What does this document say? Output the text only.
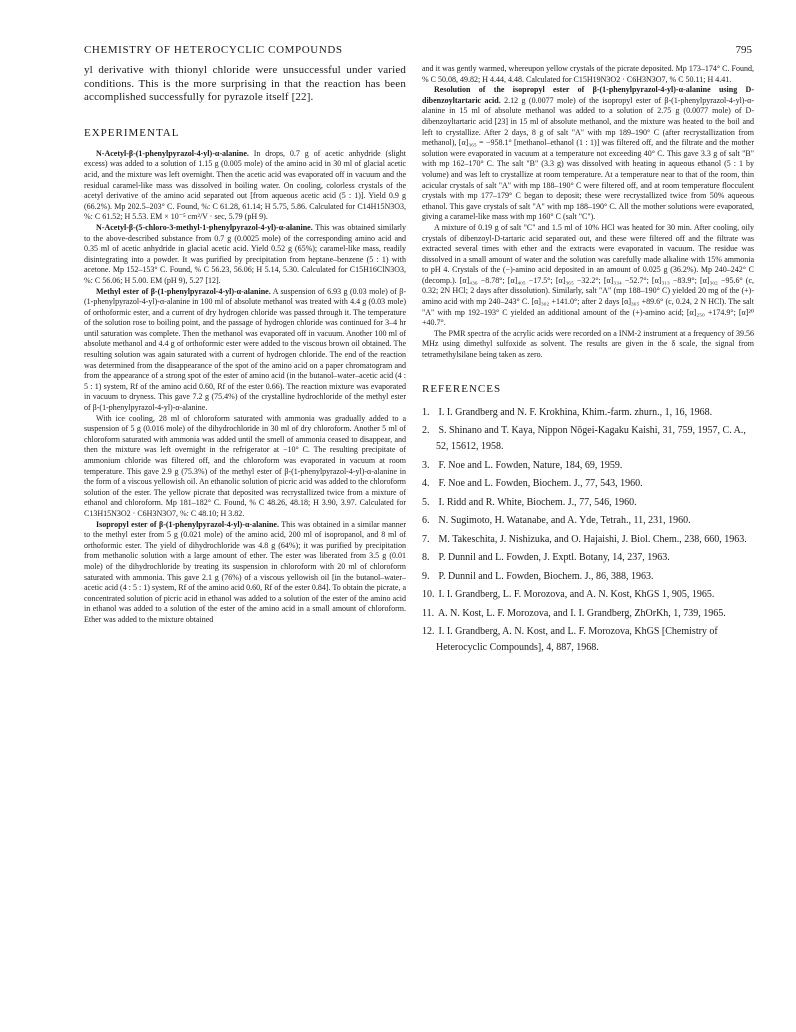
CHEMISTRY OF HETEROCYCLIC COMPOUNDS	795

yl derivative with thionyl chloride were unsuccessful under varied conditions. This is the more surprising in that the reaction has been accomplished successfully for pyrazole itself [22].

EXPERIMENTAL

N-Acetyl-β-(1-phenylpyrazol-4-yl)-α-alanine. In drops, 0.7 g of acetic anhydride (slight excess) was added to a solution of 1.15 g (0.005 mole) of the amino acid in 30 ml of glacial acetic acid, and the mixture was left overnight. Then the acetic acid was evaporated off in vacuum and the residual caramel-like mass was dissolved in boiling water. On cooling, colorless crystals of the acetyl derivative of the amino acid separated out [from aqueous acetic acid (5 : 1)]. Yield 0.9 g (66.2%). Mp 202.5–203° C. Found, %: C 61.28, 61.14; H 5.75, 5.86. Calculated for C14H15N3O3, %: C 61.52; H 5.53. EM × 10⁻⁵ cm²/V · sec, 5.79 (pH 9).

N-Acetyl-β-(5-chloro-3-methyl-1-phenylpyrazol-4-yl)-α-alanine. This was obtained similarly to the above-described substance from 0.7 g (0.0025 mole) of the corresponding amino acid and 0.35 ml of acetic anhydride in glacial acetic acid. Yield 0.52 g (65%); caramel-like mass, readily disintegrating into a powder. It was purified by precipitation from heptane–benzene (5 : 1) with acetone. Mp 152–153° C. Found, % C 56.23, 56.06; H 5.14, 5.30. Calculated for C15H16ClN3O3, %: C 56.06; H 5.00. EM (pH 9), 5.27 [12].

Methyl ester of β-(1-phenylpyrazol-4-yl)-α-alanine. A suspension of 6.93 g (0.03 mole) of β-(1-phenylpyrazol-4-yl)-α-alanine in 100 ml of absolute methanol was treated with 4.4 g (0.03 mole) of orthoformic ester, and a current of dry hydrogen chloride was passed through it. The temperature of the solution rose to boiling point, and the passage of hydrogen chloride was continued for 3–4 hr until saturation was complete. Then the methanol was evaporated off in vacuum. Another 100 ml of absolute methanol and 4.4 g of orthoformic ester were added to the viscous brown oil obtained. The resulting solution was again saturated with a current of hydrogen chloride. The end of the reaction was determined from the disappearance of the spot of the amino acid on a paper chromatogram and from the appearance of a strong spot of the ester of amino acid (in the butanol–water–acetic acid (4 : 5 : 1) system, Rf of the amino acid 0.60, Rf of the ester 0.66). The reaction mixture was evaporated in vacuum to dryness. This gave 7.2 g (75.4%) of the crystalline hydrochloride of the methyl ester of β-(1-phenylpyrazol-4-yl)-α-alanine.

With ice cooling, 28 ml of chloroform saturated with ammonia was gradually added to a suspension of 5 g (0.016 mole) of the dihydrochloride in 30 ml of dry chloroform. Another 5 ml of chloroform saturated with ammonia was added until the smell of ammonia ceased to disappear, and then the mixture was left overnight in the refrigerator at −10° C. The resulting precipitate of ammonium chloride was filtered off, and the chloroform was evaporated in vacuum at room temperature. This gave 2.9 g (75.3%) of the methyl ester of β-(1-phenylpyrazol-4-yl)-α-alanine in the form of a viscous yellowish oil. An ethanolic solution of picric acid was added to the chloroform solution of the ester. The yellow picrate that deposited was recrystallized twice from a mixture of ethanol and chloroform. Mp 181–182° C. Found, % C 48.26, 48.18; H 3.90, 3.97. Calculated for C13H15N3O2 · C6H3N3O7, %: C 48.10; H 3.82.

Isopropyl ester of β-(1-phenylpyrazol-4-yl)-α-alanine. This was obtained in a similar manner to the methyl ester from 5 g (0.021 mole) of the amino acid, 200 ml of isopropanol, and 8 ml of orthoformic ester. The yield of dihydrochloride was 4.8 g (64%); it was purified by precipitation from methanolic solution with a large amount of ether. The ester was liberated from 3.5 g (0.01 mole) of the dihydrochloride by treating its suspension in chloroform with 20 ml of chloroform saturated with ammonia. This gave 2.1 g (76%) of a viscous yellowish oil [in the butanol–water–acetic acid (4 : 5 : 1) system, Rf of the amino acid 0.60, Rf of the ester 0.84]. To obtain the picrate, a concentrated solution of picric acid in ethanol was added to a solution of the ester of the amino acid in ethanol was added to a solution of the ester of the amino acid in a small amount of chloroform. Ether was added to the mixture obtained

and it was gently warmed, whereupon yellow crystals of the picrate deposited. Mp 173–174° C. Found, % C 50.08, 49.82; H 4.44, 4.48. Calculated for C15H19N3O2 · C6H3N3O7, % C 50.11; H 4.41.

Resolution of the isopropyl ester of β-(1-phenylpyrazol-4-yl)-α-alanine using D-dibenzoyltartaric acid. 2.12 g (0.0077 mole) of the isopropyl ester of β-(1-phenylpyrazol-4-yl)-α-alanine in 15 ml of absolute methanol was added to a solution of 2.75 g (0.0077 mole) of D-dibenzoyltartaric acid [23] in 15 ml of absolute methanol, and the mixture was heated to the boil and left to crystallize. After 2 days, 8 g of salt "A" with mp 189–190° C (after recrystallization from methanol), [α]₃₆₅ = −958.1° [methanol–ethanol (1 : 1)] was filtered off, and the filtrate and the mother solution were evaporated in vacuum at a temperature not exceeding 40° C. This gave 3.3 g of salt "B" with mp 162–170° C. The salt "B" (3.3 g) was dissolved with heating in aqueous ethanol (5 : 1 by volume) and was left to crystallize at room temperature. At a temperature near to that of the room, thin acicular crystals of salt "A" with mp 188–190° C were filtered off, and at room temperature flocculent crystals with mp 177–179° C began to deposit; these were recrystallized twice from 50% aqueous ethanol. This gave crystals of salt "A" with mp 188–190° C. All the mother solutions were evaporated, giving a caramel-like mass with mp 160° C (salt "C").

A mixture of 0.19 g of salt "C" and 1.5 ml of 10% HCl was heated for 30 min. After cooling, oily crystals of dibenzoyl-D-tartaric acid separated out, and these were filtered off and the filtrate was extracted several times with ether and the extracts were evaporated in vacuum. The residue was dissolved in a small amount of water and the solution was carefully made alkaline with 15% ammonia to pH 4. Crystals of the (−)-amino acid deposited in an amount of 0.025 g (36.2%). Mp 240–242° C (decomp.). [α]₄₃₆ −8.78°; [α]₄₀₅ −17.5°; [α]₃₆₅ −32.2°; [α]₃₃₄ −52.7°; [α]₃₁₃ −83.9°; [α]₃₀₂ −95.6° (c, 0.32; 2N HCl; 2 days after dissolution). Similarly, salt "A" (mp 188–190° C) yielded 20 mg of the (+)-amino acid with mp 240–243° C. [α]₃₀₂ +141.0°; after 2 days [α]₃₆₅ +89.6° (c, 0.24, 2 N HCl). The salt "A" with mp 192–193° C yielded an additional amount of the (+)-amino acid; [α]₂₅₀ +174.9°; [α]²⁰ +40.7°.

The PMR spectra of the acrylic acids were recorded on a INM-2 instrument at a frequency of 39.56 MHz using dimethyl sulfoxide as solvent. The results are given in the δ scale, the signal from tetramethylsilane being taken as zero.

REFERENCES
1. I. I. Grandberg and N. F. Krokhina, Khim.-farm. zhurn., 1, 16, 1968.
2. S. Shinano and T. Kaya, Nippon Nōgei-Kagaku Kaishi, 31, 759, 1957, C. A., 52, 15612, 1958.
3. F. Noe and L. Fowden, Nature, 184, 69, 1959.
4. F. Noe and L. Fowden, Biochem. J., 77, 543, 1960.
5. I. Ridd and R. White, Biochem. J., 77, 546, 1960.
6. N. Sugimoto, H. Watanabe, and A. Yde, Tetrah., 11, 231, 1960.
7. M. Takeschita, J. Nishizuka, and O. Hajaishi, J. Biol. Chem., 238, 660, 1963.
8. P. Dunnil and L. Fowden, J. Exptl. Botany, 14, 237, 1963.
9. P. Dunnil and L. Fowden, Biochem. J., 86, 388, 1963.
10. I. I. Grandberg, L. F. Morozova, and A. N. Kost, KhGS 1, 905, 1965.
11. A. N. Kost, L. F. Morozova, and I. I. Grandberg, ZhOrKh, 1, 739, 1965.
12. I. I. Grandberg, A. N. Kost, and L. F. Morozova, KhGS [Chemistry of Heterocyclic Compounds], 4, 887, 1968.
